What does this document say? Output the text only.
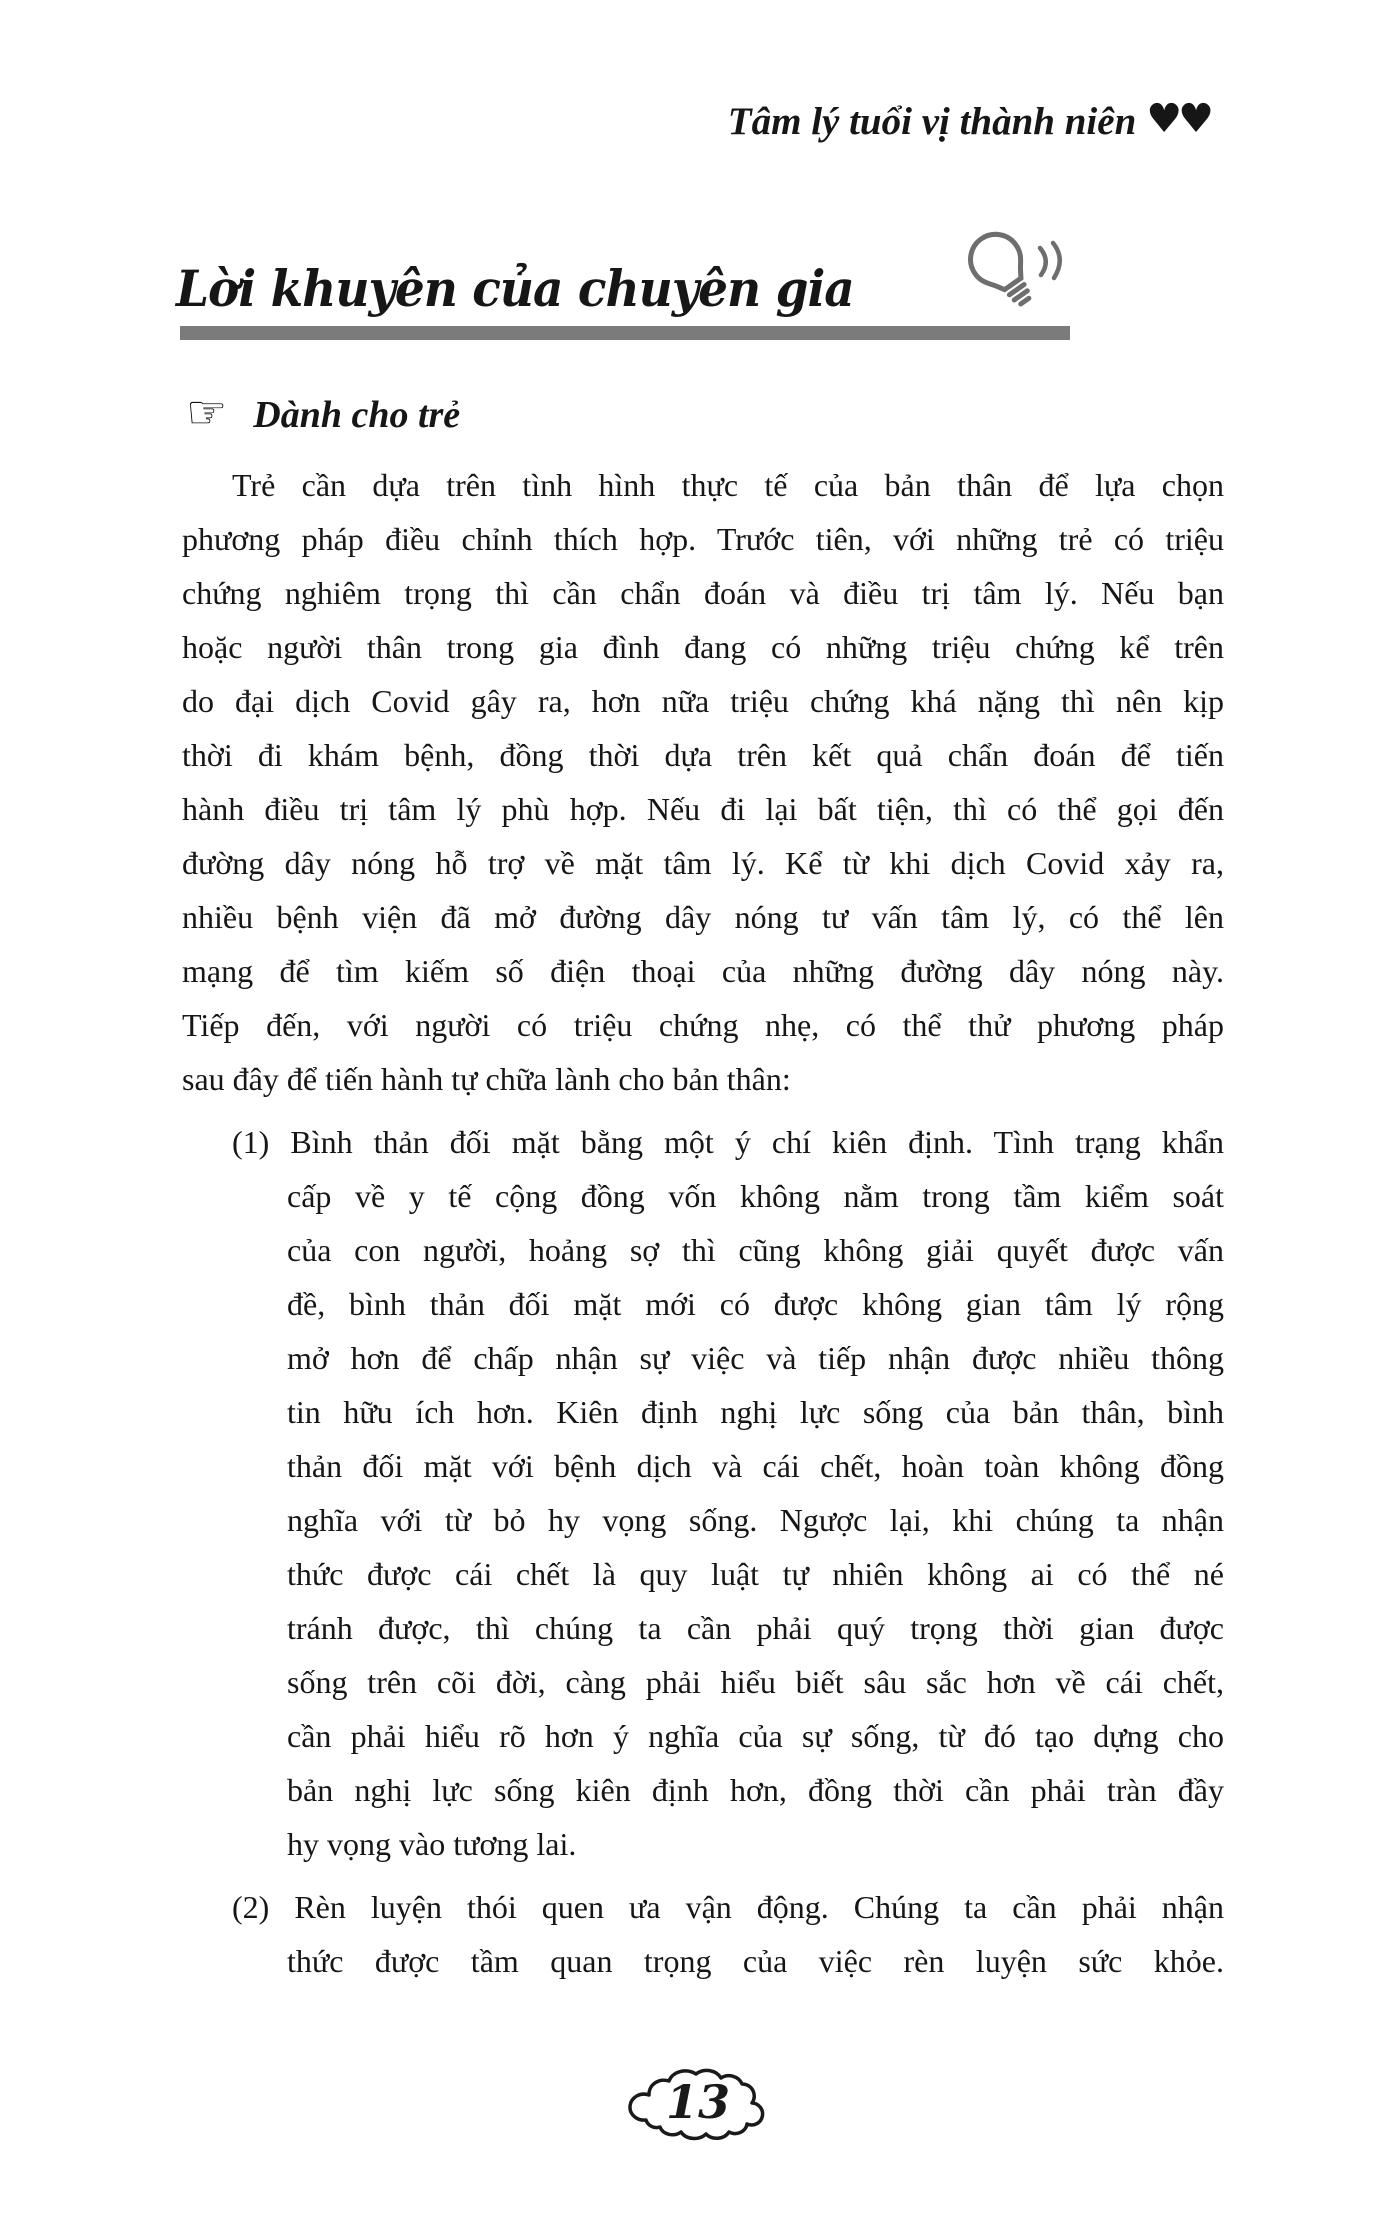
Tâm lý tuổi vị thành niên ♥♥
Lời khuyên của chuyên gia
☞ Dành cho trẻ
Trẻ cần dựa trên tình hình thực tế của bản thân để lựa chọn
phương pháp điều chỉnh thích hợp. Trước tiên, với những trẻ có triệu
chứng nghiêm trọng thì cần chẩn đoán và điều trị tâm lý. Nếu bạn
hoặc người thân trong gia đình đang có những triệu chứng kể trên
do đại dịch Covid gây ra, hơn nữa triệu chứng khá nặng thì nên kịp
thời đi khám bệnh, đồng thời dựa trên kết quả chẩn đoán để tiến
hành điều trị tâm lý phù hợp. Nếu đi lại bất tiện, thì có thể gọi đến
đường dây nóng hỗ trợ về mặt tâm lý. Kể từ khi dịch Covid xảy ra,
nhiều bệnh viện đã mở đường dây nóng tư vấn tâm lý, có thể lên
mạng để tìm kiếm số điện thoại của những đường dây nóng này.
Tiếp đến, với người có triệu chứng nhẹ, có thể thử phương pháp
sau đây để tiến hành tự chữa lành cho bản thân:
(1) Bình thản đối mặt bằng một ý chí kiên định. Tình trạng khẩn
cấp về y tế cộng đồng vốn không nằm trong tầm kiểm soát
của con người, hoảng sợ thì cũng không giải quyết được vấn
đề, bình thản đối mặt mới có được không gian tâm lý rộng
mở hơn để chấp nhận sự việc và tiếp nhận được nhiều thông
tin hữu ích hơn. Kiên định nghị lực sống của bản thân, bình
thản đối mặt với bệnh dịch và cái chết, hoàn toàn không đồng
nghĩa với từ bỏ hy vọng sống. Ngược lại, khi chúng ta nhận
thức được cái chết là quy luật tự nhiên không ai có thể né
tránh được, thì chúng ta cần phải quý trọng thời gian được
sống trên cõi đời, càng phải hiểu biết sâu sắc hơn về cái chết,
cần phải hiểu rõ hơn ý nghĩa của sự sống, từ đó tạo dựng cho
bản nghị lực sống kiên định hơn, đồng thời cần phải tràn đầy
hy vọng vào tương lai.
(2) Rèn luyện thói quen ưa vận động. Chúng ta cần phải nhận
thức được tầm quan trọng của việc rèn luyện sức khỏe.
13
